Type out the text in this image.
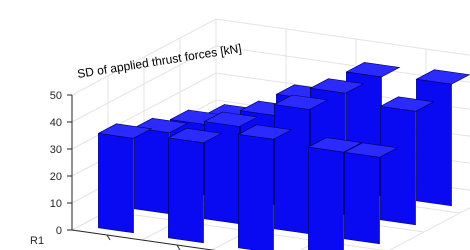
SD of applied thrust forces [kN]
0
10
20
30
40
50
R1
